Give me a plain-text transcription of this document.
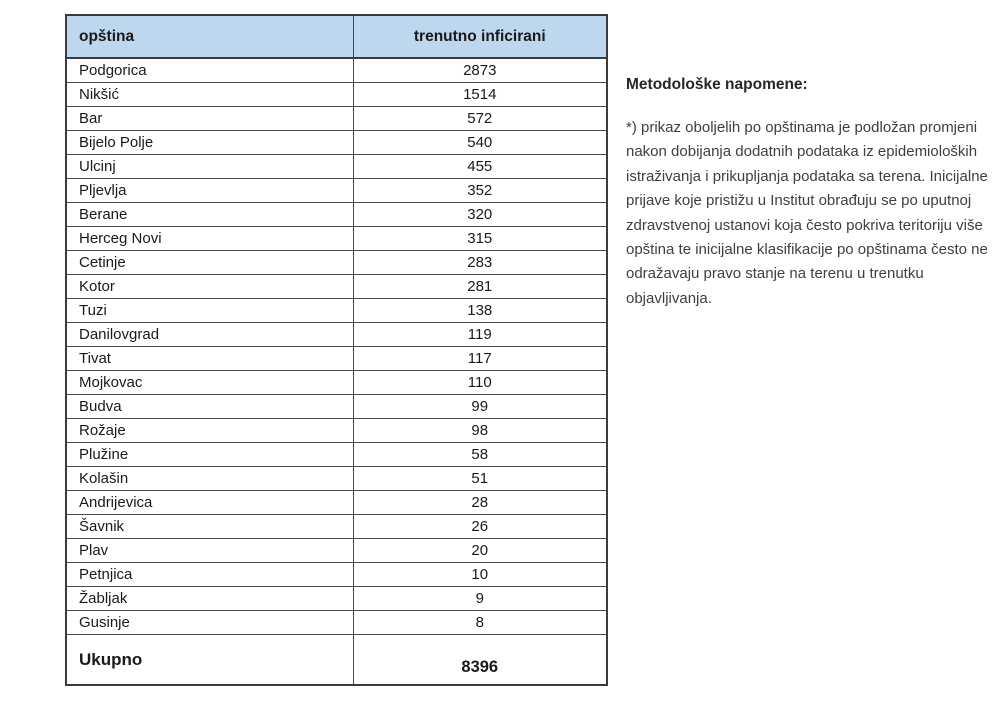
opština	trenutno inficirani
Podgorica	2873
Nikšić	1514
Bar	572
Bijelo Polje	540
Ulcinj	455
Pljevlja	352
Berane	320
Herceg Novi	315
Cetinje	283
Kotor	281
Tuzi	138
Danilovgrad	119
Tivat	117
Mojkovac	110
Budva	99
Rožaje	98
Plužine	58
Kolašin	51
Andrijevica	28
Šavnik	26
Plav	20
Petnjica	10
Žabljak	9
Gusinje	8
Ukupno	8396

Metodološke napomene:

*) prikaz oboljelih po opštinama je podložan promjeni nakon dobijanja dodatnih podataka iz epidemioloških istraživanja i prikupljanja podataka sa terena. Inicijalne prijave koje pristižu u Institut obrađuju se po uputnoj zdravstvenoj ustanovi koja često pokriva teritoriju više opština te inicijalne klasifikacije po opštinama često ne odražavaju pravo stanje na terenu u trenutku objavljivanja.
